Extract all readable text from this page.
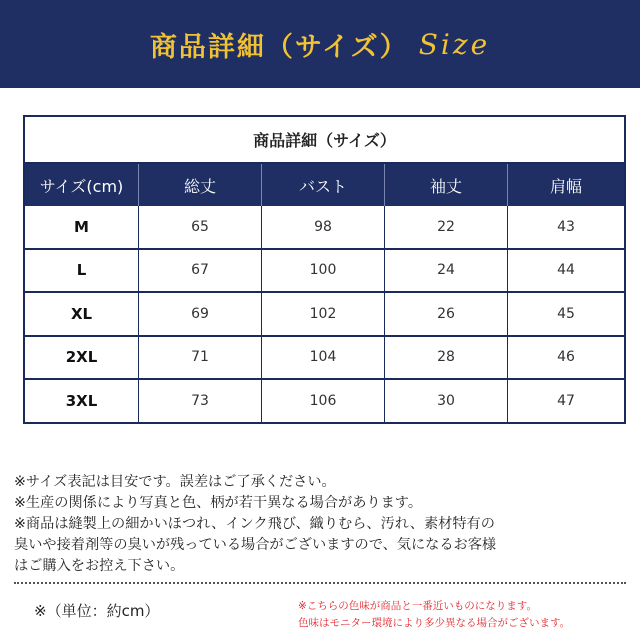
商品詳細（サイズ） Size
商品詳細（サイズ）
サイズ(cm)	総丈	バスト	袖丈	肩幅
M	65	98	22	43
L	67	100	24	44
XL	69	102	26	45
2XL	71	104	28	46
3XL	73	106	30	47

※サイズ表記は目安です。誤差はご了承ください。

※生産の関係により写真と色、柄が若干異なる場合があります。

※商品は縫製上の細かいほつれ、インク飛び、織りむら、汚れ、素材特有の

臭いや接着剤等の臭いが残っている場合がございますので、気になるお客様

はご購入をお控え下さい。

※（単位：約cm）	※こちらの色味が商品と一番近いものになります。

色味はモニター環境により多少異なる場合がございます。
